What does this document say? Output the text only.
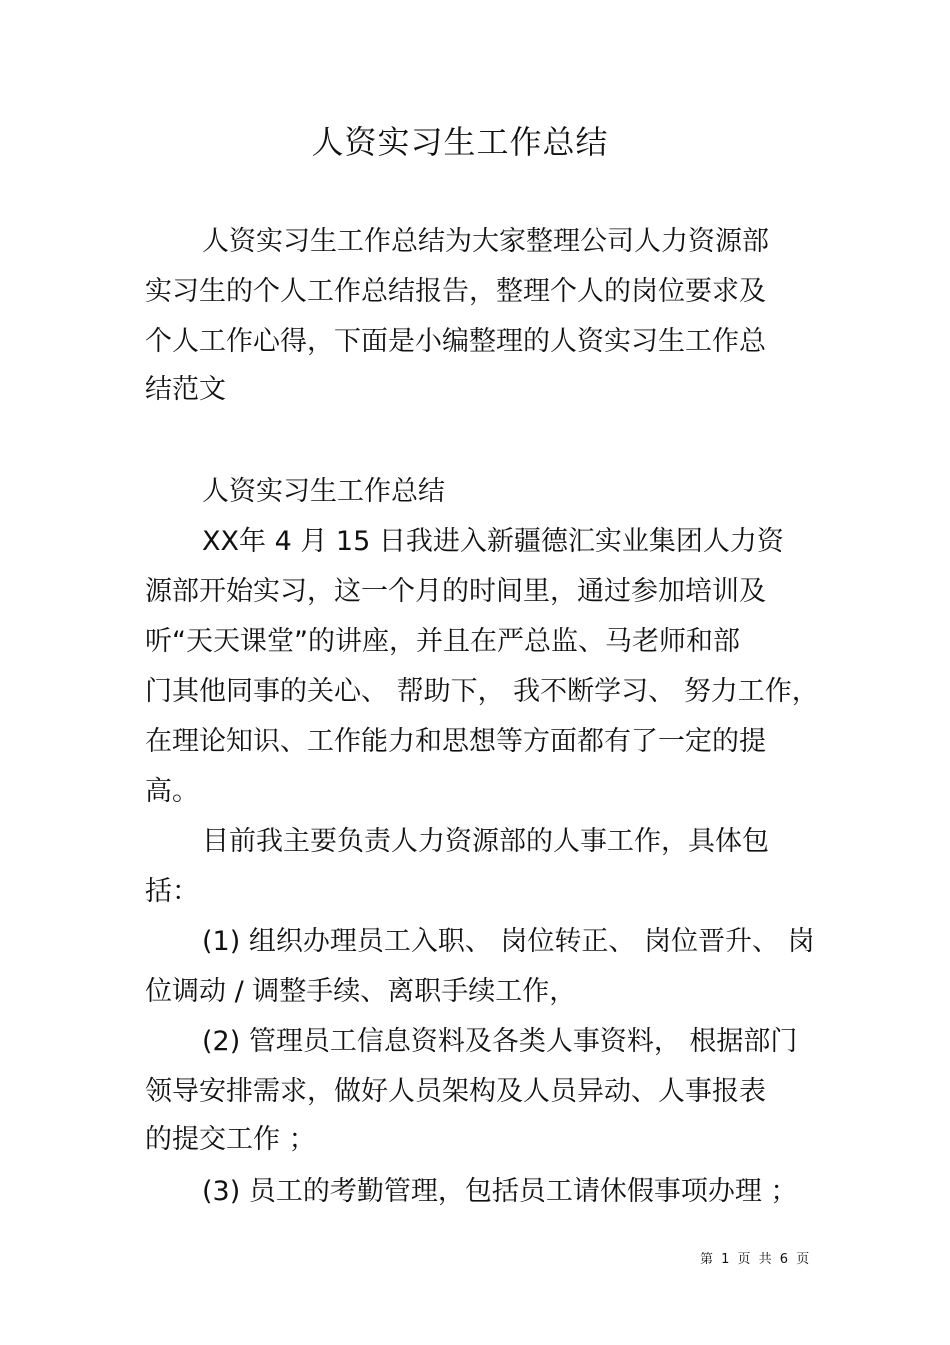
人资实习生工作总结
人资实习生工作总结为大家整理公司人力资源部
实习生的个人工作总结报告，整理个人的岗位要求及
个人工作心得，下面是小编整理的人资实习生工作总
结范文
人资实习生工作总结
XX年 4 月 15 日我进入新疆德汇实业集团人力资
源部开始实习，这一个月的时间里，通过参加培训及
听“天天课堂”的讲座，并且在严总监、马老师和部
门其他同事的关心、 帮助下， 我不断学习、 努力工作，
在理论知识、工作能力和思想等方面都有了一定的提
高。
目前我主要负责人力资源部的人事工作，具体包
括：
(1) 组织办理员工入职、 岗位转正、 岗位晋升、 岗
位调动 / 调整手续、离职手续工作，
(2) 管理员工信息资料及各类人事资料， 根据部门
领导安排需求，做好人员架构及人员异动、人事报表
的提交工作 ；
(3) 员工的考勤管理，包括员工请休假事项办理 ；
第 1 页 共 6 页
